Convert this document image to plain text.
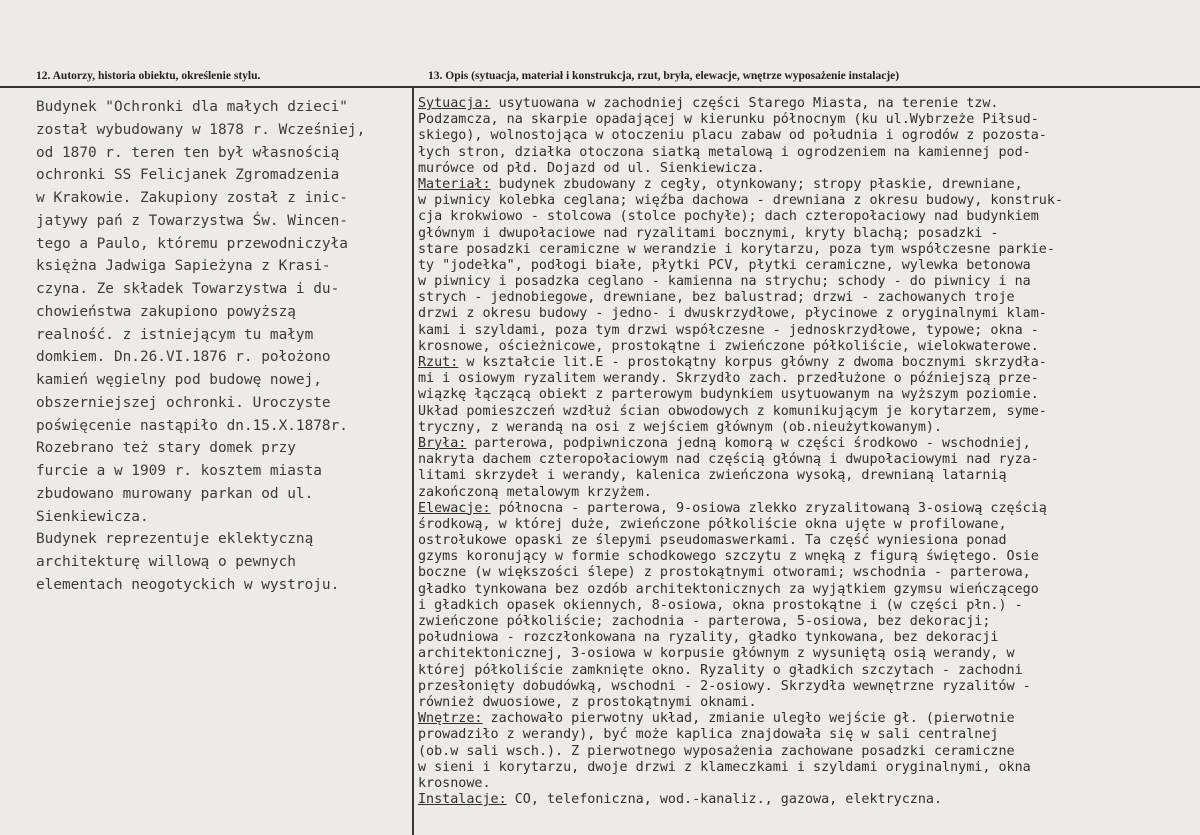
12. Autorzy, historia obiektu, określenie stylu.	13. Opis (sytuacja, materiał i konstrukcja, rzut, bryła, elewacje, wnętrze wyposażenie instalacje)
Budynek "Ochronki dla małych dzieci"
został wybudowany w 1878 r. Wcześniej,
od 1870 r. teren ten był własnością
ochronki SS Felicjanek Zgromadzenia
w Krakowie. Zakupiony został z inic-
jatywy pań z Towarzystwa Św. Wincen-
tego a Paulo, któremu przewodniczyła
księżna Jadwiga Sapieżyna z Krasi-
czyna. Ze składek Towarzystwa i du-
chowieństwa zakupiono powyższą
realność. z istniejącym tu małym
domkiem. Dn.26.VI.1876 r. położono
kamień węgielny pod budowę nowej,
obszerniejszej ochronki. Uroczyste
poświęcenie nastąpiło dn.15.X.1878r.
Rozebrano też stary domek przy
furcie a w 1909 r. kosztem miasta
zbudowano murowany parkan od ul.
Sienkiewicza.
Budynek reprezentuje eklektyczną
architekturę willową o pewnych
elementach neogotyckich w wystroju.
Sytuacja: usytuowana w zachodniej części Starego Miasta, na terenie tzw.
Podzamcza, na skarpie opadającej w kierunku północnym (ku ul.Wybrzeże Piłsud-
skiego), wolnostojąca w otoczeniu placu zabaw od południa i ogrodów z pozosta-
łych stron, działka otoczona siatką metalową i ogrodzeniem na kamiennej pod-
murówce od płd. Dojazd od ul. Sienkiewicza.
Materiał: budynek zbudowany z cegły, otynkowany; stropy płaskie, drewniane,
w piwnicy kolebka ceglana; więźba dachowa - drewniana z okresu budowy, konstruk-
cja krokwiowo - stolcowa (stolce pochyłe); dach czteropołaciowy nad budynkiem
głównym i dwupołaciowe nad ryzalitami bocznymi, kryty blachą; posadzki -
stare posadzki ceramiczne w werandzie i korytarzu, poza tym współczesne parkie-
ty "jodełka", podłogi białe, płytki PCV, płytki ceramiczne, wylewka betonowa
w piwnicy i posadzka ceglano - kamienna na strychu; schody - do piwnicy i na
strych - jednobiegowe, drewniane, bez balustrad; drzwi - zachowanych troje
drzwi z okresu budowy - jedno- i dwuskrzydłowe, płycinowe z oryginalnymi klam-
kami i szyldami, poza tym drzwi współczesne - jednoskrzydłowe, typowe; okna -
krosnowe, ościeżnicowe, prostokątne i zwieńczone półkoliście, wielokwaterowe.
Rzut: w kształcie lit.E - prostokątny korpus główny z dwoma bocznymi skrzydła-
mi i osiowym ryzalitem werandy. Skrzydło zach. przedłużone o późniejszą prze-
wiązkę łączącą obiekt z parterowym budynkiem usytuowanym na wyższym poziomie.
Układ pomieszczeń wzdłuż ścian obwodowych z komunikującym je korytarzem, syme-
tryczny, z werandą na osi z wejściem głównym (ob.nieużytkowanym).
Bryła: parterowa, podpiwniczona jedną komorą w części środkowo - wschodniej,
nakryta dachem czteropołaciowym nad częścią główną i dwupołaciowymi nad ryza-
litami skrzydeł i werandy, kalenica zwieńczona wysoką, drewnianą latarnią
zakończoną metalowym krzyżem.
Elewacje: północna - parterowa, 9-osiowa zlekko zryzalitowaną 3-osiową częścią
środkową, w której duże, zwieńczone półkoliście okna ujęte w profilowane,
ostrołukowe opaski ze ślepymi pseudomaswerkami. Ta część wyniesiona ponad
gzyms koronujący w formie schodkowego szczytu z wnęką z figurą świętego. Osie
boczne (w większości ślepe) z prostokątnymi otworami; wschodnia - parterowa,
gładko tynkowana bez ozdób architektonicznych za wyjątkiem gzymsu wieńczącego
i gładkich opasek okiennych, 8-osiowa, okna prostokątne i (w części płn.) -
zwieńczone półkoliście; zachodnia - parterowa, 5-osiowa, bez dekoracji;
południowa - rozczłonkowana na ryzality, gładko tynkowana, bez dekoracji
architektonicznej, 3-osiowa w korpusie głównym z wysuniętą osią werandy, w
której półkoliście zamknięte okno. Ryzality o gładkich szczytach - zachodni
przesłonięty dobudówką, wschodni - 2-osiowy. Skrzydła wewnętrzne ryzalitów -
również dwuosiowe, z prostokątnymi oknami.
Wnętrze: zachowało pierwotny układ, zmianie uległo wejście gł. (pierwotnie
prowadziło z werandy), być może kaplica znajdowała się w sali centralnej
(ob.w sali wsch.). Z pierwotnego wyposażenia zachowane posadzki ceramiczne
w sieni i korytarzu, dwoje drzwi z klameczkami i szyldami oryginalnymi, okna
krosnowe.
Instalacje: CO, telefoniczna, wod.-kanaliz., gazowa, elektryczna.
